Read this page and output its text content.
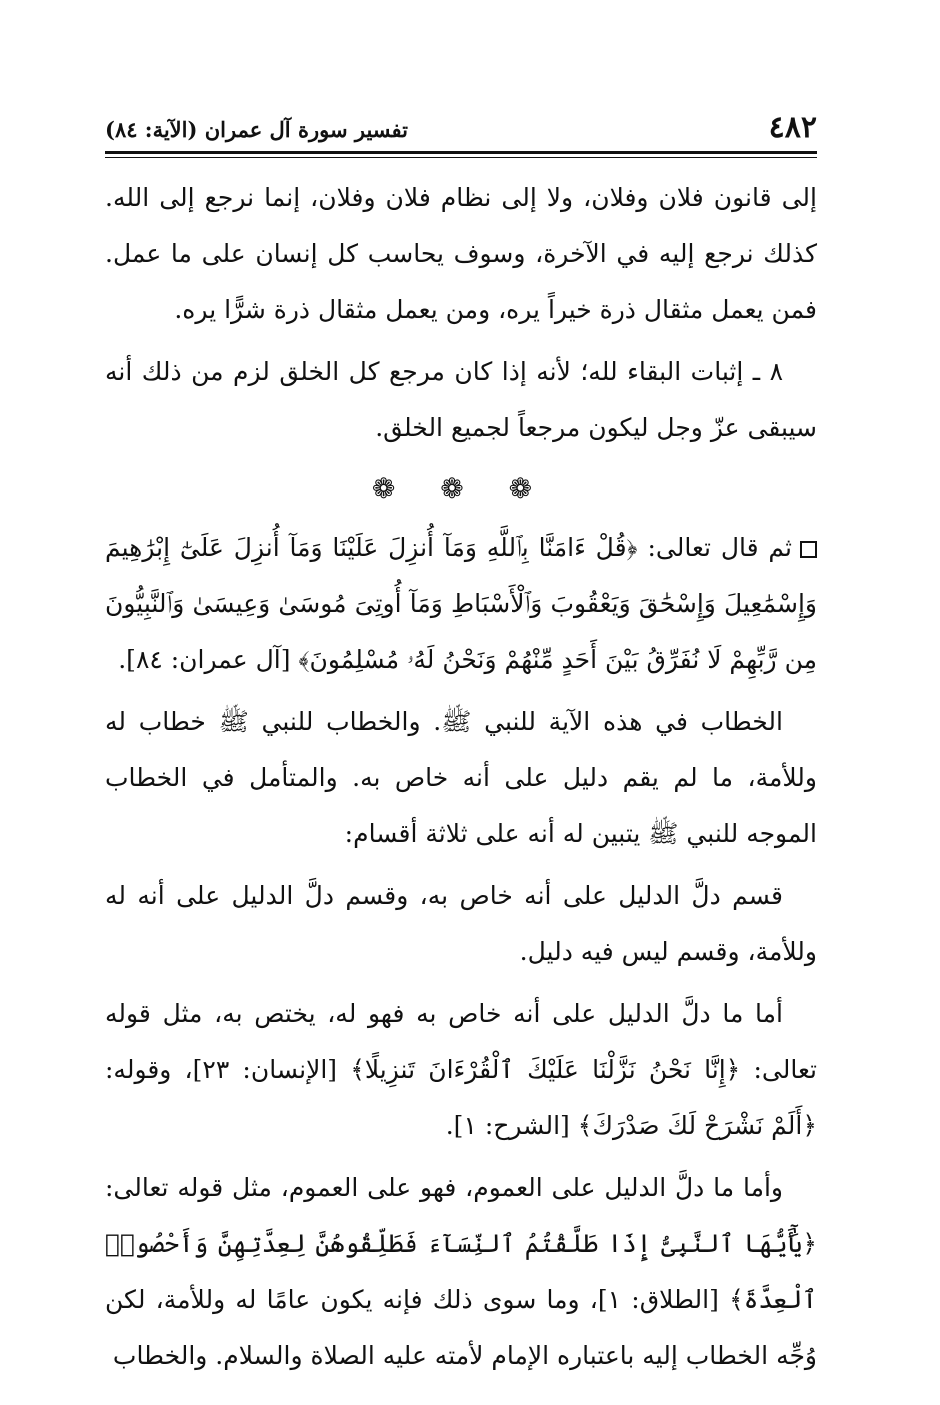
٤٨٢
تفسير سورة آل عمران (الآية: ٨٤)

إلى قانون فلان وفلان، ولا إلى نظام فلان وفلان، إنما نرجع إلى الله. كذلك نرجع إليه في الآخرة، وسوف يحاسب كل إنسان على ما عمل. فمن يعمل مثقال ذرة خيراً يره، ومن يعمل مثقال ذرة شرًّا يره.

٨ ـ إثبات البقاء لله؛ لأنه إذا كان مرجع كل الخلق لزم من ذلك أنه سيبقى عزّ وجل ليكون مرجعاً لجميع الخلق.

❁ ❁ ❁

ثم قال تعالى: ﴿قُلْ ءَامَنَّا بِٱللَّهِ وَمَآ أُنزِلَ عَلَيْنَا وَمَآ أُنزِلَ عَلَىٰٓ إِبْرَٰهِيمَ وَإِسْمَٰعِيلَ وَإِسْحَٰقَ وَيَعْقُوبَ وَٱلْأَسْبَاطِ وَمَآ أُوتِىَ مُوسَىٰ وَعِيسَىٰ وَٱلنَّبِيُّونَ مِن رَّبِّهِمْ لَا نُفَرِّقُ بَيْنَ أَحَدٍ مِّنْهُمْ وَنَحْنُ لَهُۥ مُسْلِمُونَ﴾ [آل عمران: ٨٤].

الخطاب في هذه الآية للنبي ﷺ. والخطاب للنبي ﷺ خطاب له وللأمة، ما لم يقم دليل على أنه خاص به. والمتأمل في الخطاب الموجه للنبي ﷺ يتبين له أنه على ثلاثة أقسام:

قسم دلَّ الدليل على أنه خاص به، وقسم دلَّ الدليل على أنه له وللأمة، وقسم ليس فيه دليل.

أما ما دلَّ الدليل على أنه خاص به فهو له، يختص به، مثل قوله تعالى: ﴿إِنَّا نَحْنُ نَزَّلْنَا عَلَيْكَ ٱلْقُرْءَانَ تَنزِيلًا﴾ [الإنسان: ٢٣]، وقوله: ﴿أَلَمْ نَشْرَحْ لَكَ صَدْرَكَ﴾ [الشرح: ١].

وأما ما دلَّ الدليل على العموم، فهو على العموم، مثل قوله تعالى: ﴿يَٰٓأَيُّهَا ٱلنَّبِىُّ إِذَا طَلَّقْتُمُ ٱلنِّسَآءَ فَطَلِّقُوهُنَّ لِعِدَّتِهِنَّ وَأَحْصُوا۟ ٱلْعِدَّةَ﴾ [الطلاق: ١]، وما سوى ذلك فإنه يكون عامًا له وللأمة، لكن وُجِّه الخطاب إليه باعتباره الإمام لأمته عليه الصلاة والسلام. والخطاب
